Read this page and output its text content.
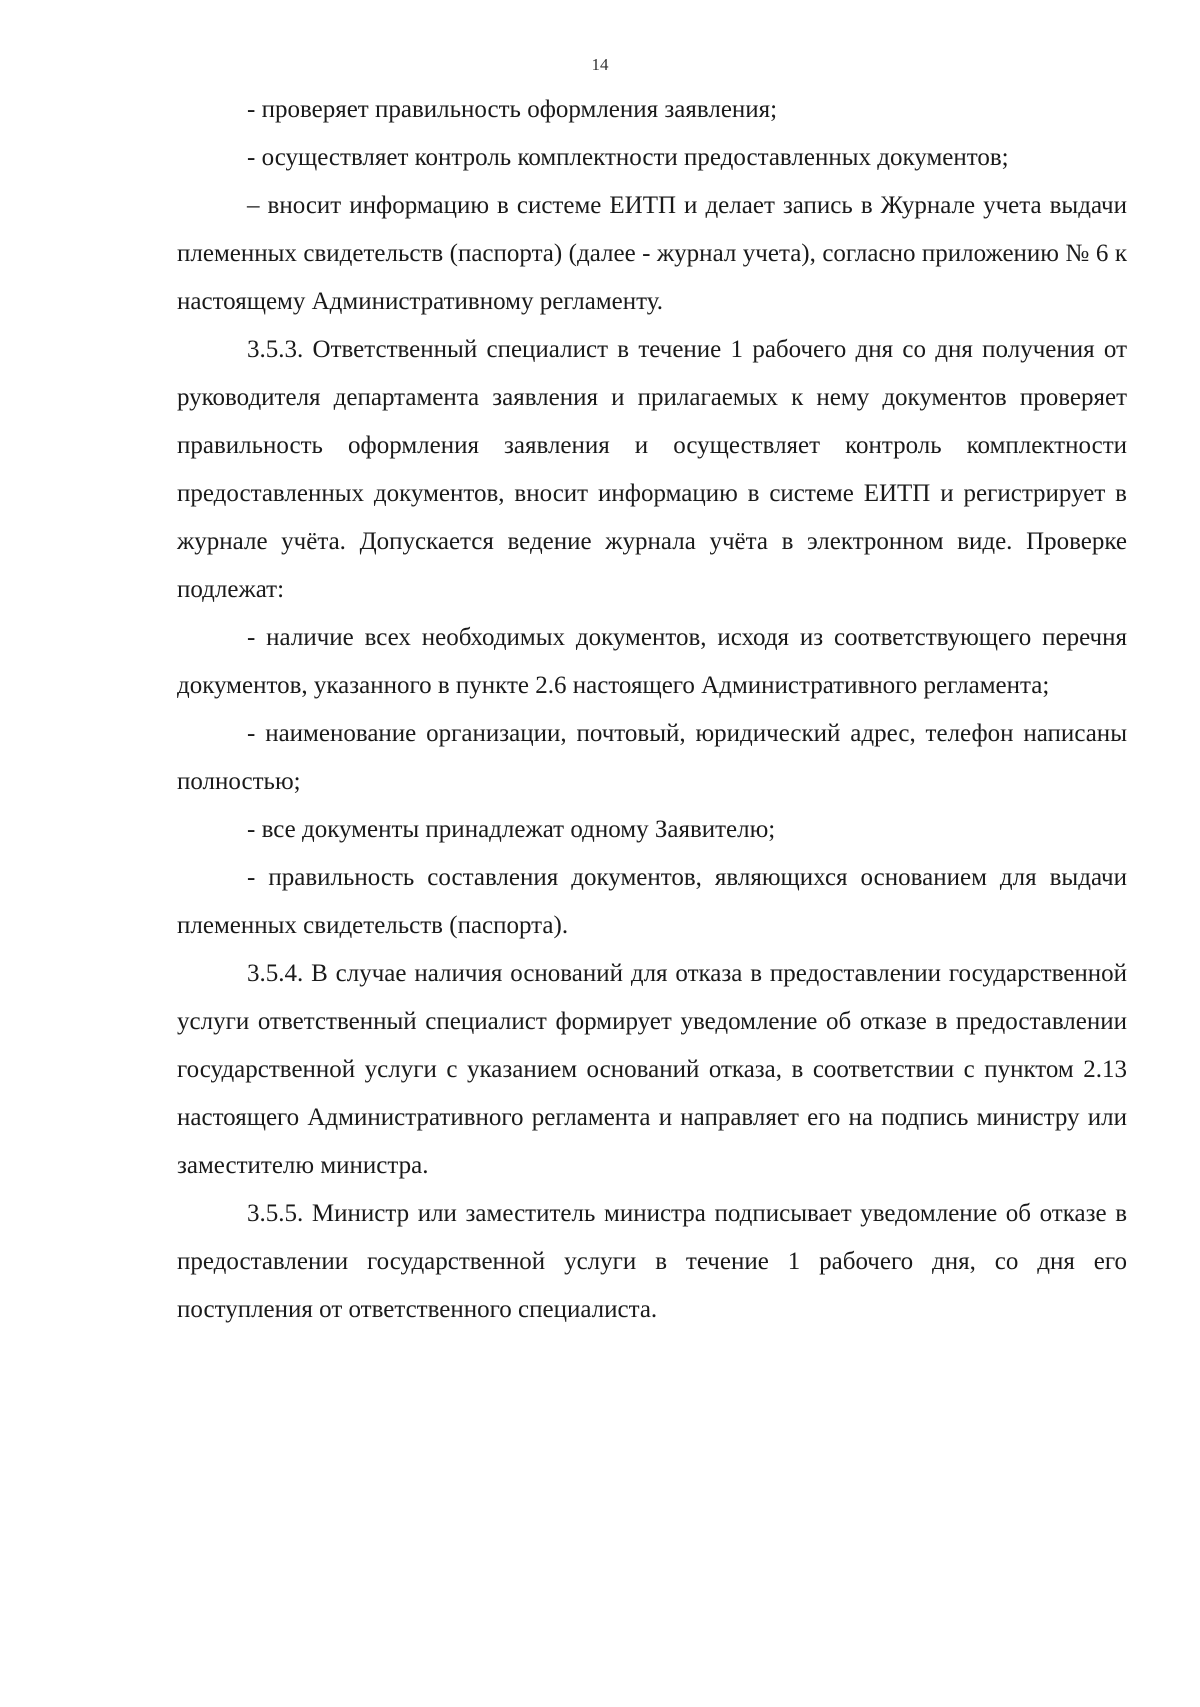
14

- проверяет правильность оформления заявления;

- осуществляет контроль комплектности предоставленных документов;

– вносит информацию в системе ЕИТП и делает запись в Журнале учета выдачи племенных свидетельств (паспорта) (далее - журнал учета), согласно приложению № 6 к настоящему Административному регламенту.

3.5.3. Ответственный специалист в течение 1 рабочего дня со дня получения от руководителя департамента заявления и прилагаемых к нему документов проверяет правильность оформления заявления и осуществляет контроль комплектности предоставленных документов, вносит информацию в системе ЕИТП и регистрирует в журнале учёта. Допускается ведение журнала учёта в электронном виде. Проверке подлежат:

- наличие всех необходимых документов, исходя из соответствующего перечня документов, указанного в пункте 2.6 настоящего Административного регламента;

- наименование организации, почтовый, юридический адрес, телефон написаны полностью;

- все документы принадлежат одному Заявителю;

- правильность составления документов, являющихся основанием для выдачи племенных свидетельств (паспорта).

3.5.4. В случае наличия оснований для отказа в предоставлении государственной услуги ответственный специалист формирует уведомление об отказе в предоставлении государственной услуги с указанием оснований отказа, в соответствии с пунктом 2.13 настоящего Административного регламента и направляет его на подпись министру или заместителю министра.

3.5.5. Министр или заместитель министра подписывает уведомление об отказе в предоставлении государственной услуги в течение 1 рабочего дня, со дня его поступления от ответственного специалиста.
